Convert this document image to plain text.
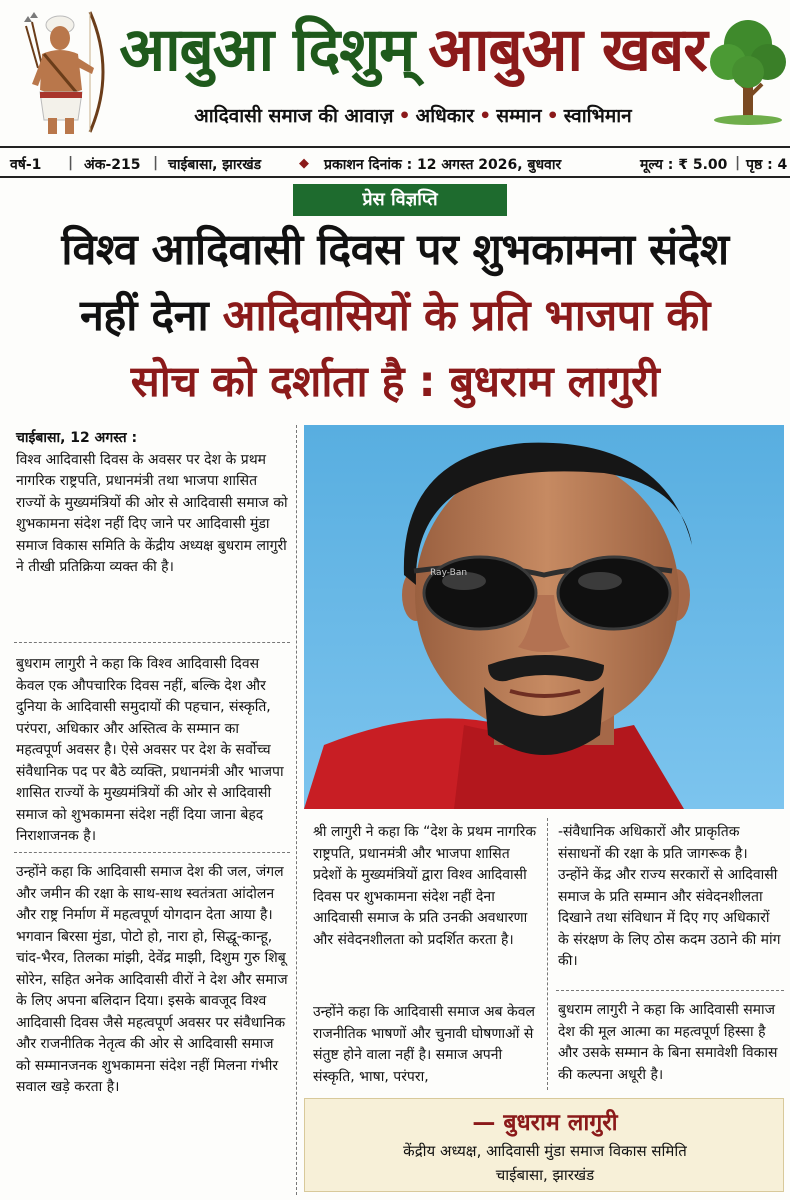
आबुआ दिशुम् आबुआ खबर
आदिवासी समाज की आवाज़ • अधिकार • सम्मान • स्वाभिमान
वर्ष-1 | अंक-215 | चाईबासा, झारखंड	◆ प्रकाशन दिनांक : 12 अगस्त 2026, बुधवार	मूल्य : ₹ 5.00 | पृष्ठ : 4
प्रेस विज्ञप्ति
विश्व आदिवासी दिवस पर शुभकामना संदेश
नहीं देना आदिवासियों के प्रति भाजपा की
सोच को दर्शाता है : बुधराम लागुरी

चाईबासा, 12 अगस्त :

विश्व आदिवासी दिवस के अवसर पर देश के प्रथम नागरिक राष्ट्रपति, प्रधानमंत्री तथा भाजपा शासित राज्यों के मुख्यमंत्रियों की ओर से आदिवासी समाज को शुभकामना संदेश नहीं दिए जाने पर आदिवासी मुंडा समाज विकास समिति के केंद्रीय अध्यक्ष बुधराम लागुरी ने तीखी प्रतिक्रिया व्यक्त की है।

बुधराम लागुरी ने कहा कि विश्व आदिवासी दिवस केवल एक औपचारिक दिवस नहीं, बल्कि देश और दुनिया के आदिवासी समुदायों की पहचान, संस्कृति, परंपरा, अधिकार और अस्तित्व के सम्मान का महत्वपूर्ण अवसर है। ऐसे अवसर पर देश के सर्वोच्च संवैधानिक पद पर बैठे व्यक्ति, प्रधानमंत्री और भाजपा शासित राज्यों के मुख्यमंत्रियों की ओर से आदिवासी समाज को शुभकामना संदेश नहीं दिया जाना बेहद निराशाजनक है।

उन्होंने कहा कि आदिवासी समाज देश की जल, जंगल और जमीन की रक्षा के साथ-साथ स्वतंत्रता आंदोलन और राष्ट्र निर्माण में महत्वपूर्ण योगदान देता आया है। भगवान बिरसा मुंडा, पोटो हो, नारा हो, सिद्धू-कान्हू, चांद-भैरव, तिलका मांझी, देवेंद्र माझी, दिशुम गुरु शिबू सोरेन, सहित अनेक आदिवासी वीरों ने देश और समाज के लिए अपना बलिदान दिया। इसके बावजूद विश्व आदिवासी दिवस जैसे महत्वपूर्ण अवसर पर संवैधानिक और राजनीतिक नेतृत्व की ओर से आदिवासी समाज को सम्मानजनक शुभकामना संदेश नहीं मिलना गंभीर सवाल खड़े करता है।

Ray-Ban

श्री लागुरी ने कहा कि “देश के प्रथम नागरिक राष्ट्रपति, प्रधानमंत्री और भाजपा शासित प्रदेशों के मुख्यमंत्रियों द्वारा विश्व आदिवासी दिवस पर शुभकामना संदेश नहीं देना आदिवासी समाज के प्रति उनकी अवधारणा और संवेदनशीलता को प्रदर्शित करता है।

उन्होंने कहा कि आदिवासी समाज अब केवल राजनीतिक भाषणों और चुनावी घोषणाओं से संतुष्ट होने वाला नहीं है। समाज अपनी संस्कृति, भाषा, परंपरा,

-संवैधानिक अधिकारों और प्राकृतिक संसाधनों की रक्षा के प्रति जागरूक है। उन्होंने केंद्र और राज्य सरकारों से आदिवासी समाज के प्रति सम्मान और संवेदनशीलता दिखाने तथा संविधान में दिए गए अधिकारों के संरक्षण के लिए ठोस कदम उठाने की मांग की।

बुधराम लागुरी ने कहा कि आदिवासी समाज देश की मूल आत्मा का महत्वपूर्ण हिस्सा है और उसके सम्मान के बिना समावेशी विकास की कल्पना अधूरी है।

— बुधराम लागुरी
केंद्रीय अध्यक्ष, आदिवासी मुंडा समाज विकास समिति
चाईबासा, झारखंड
